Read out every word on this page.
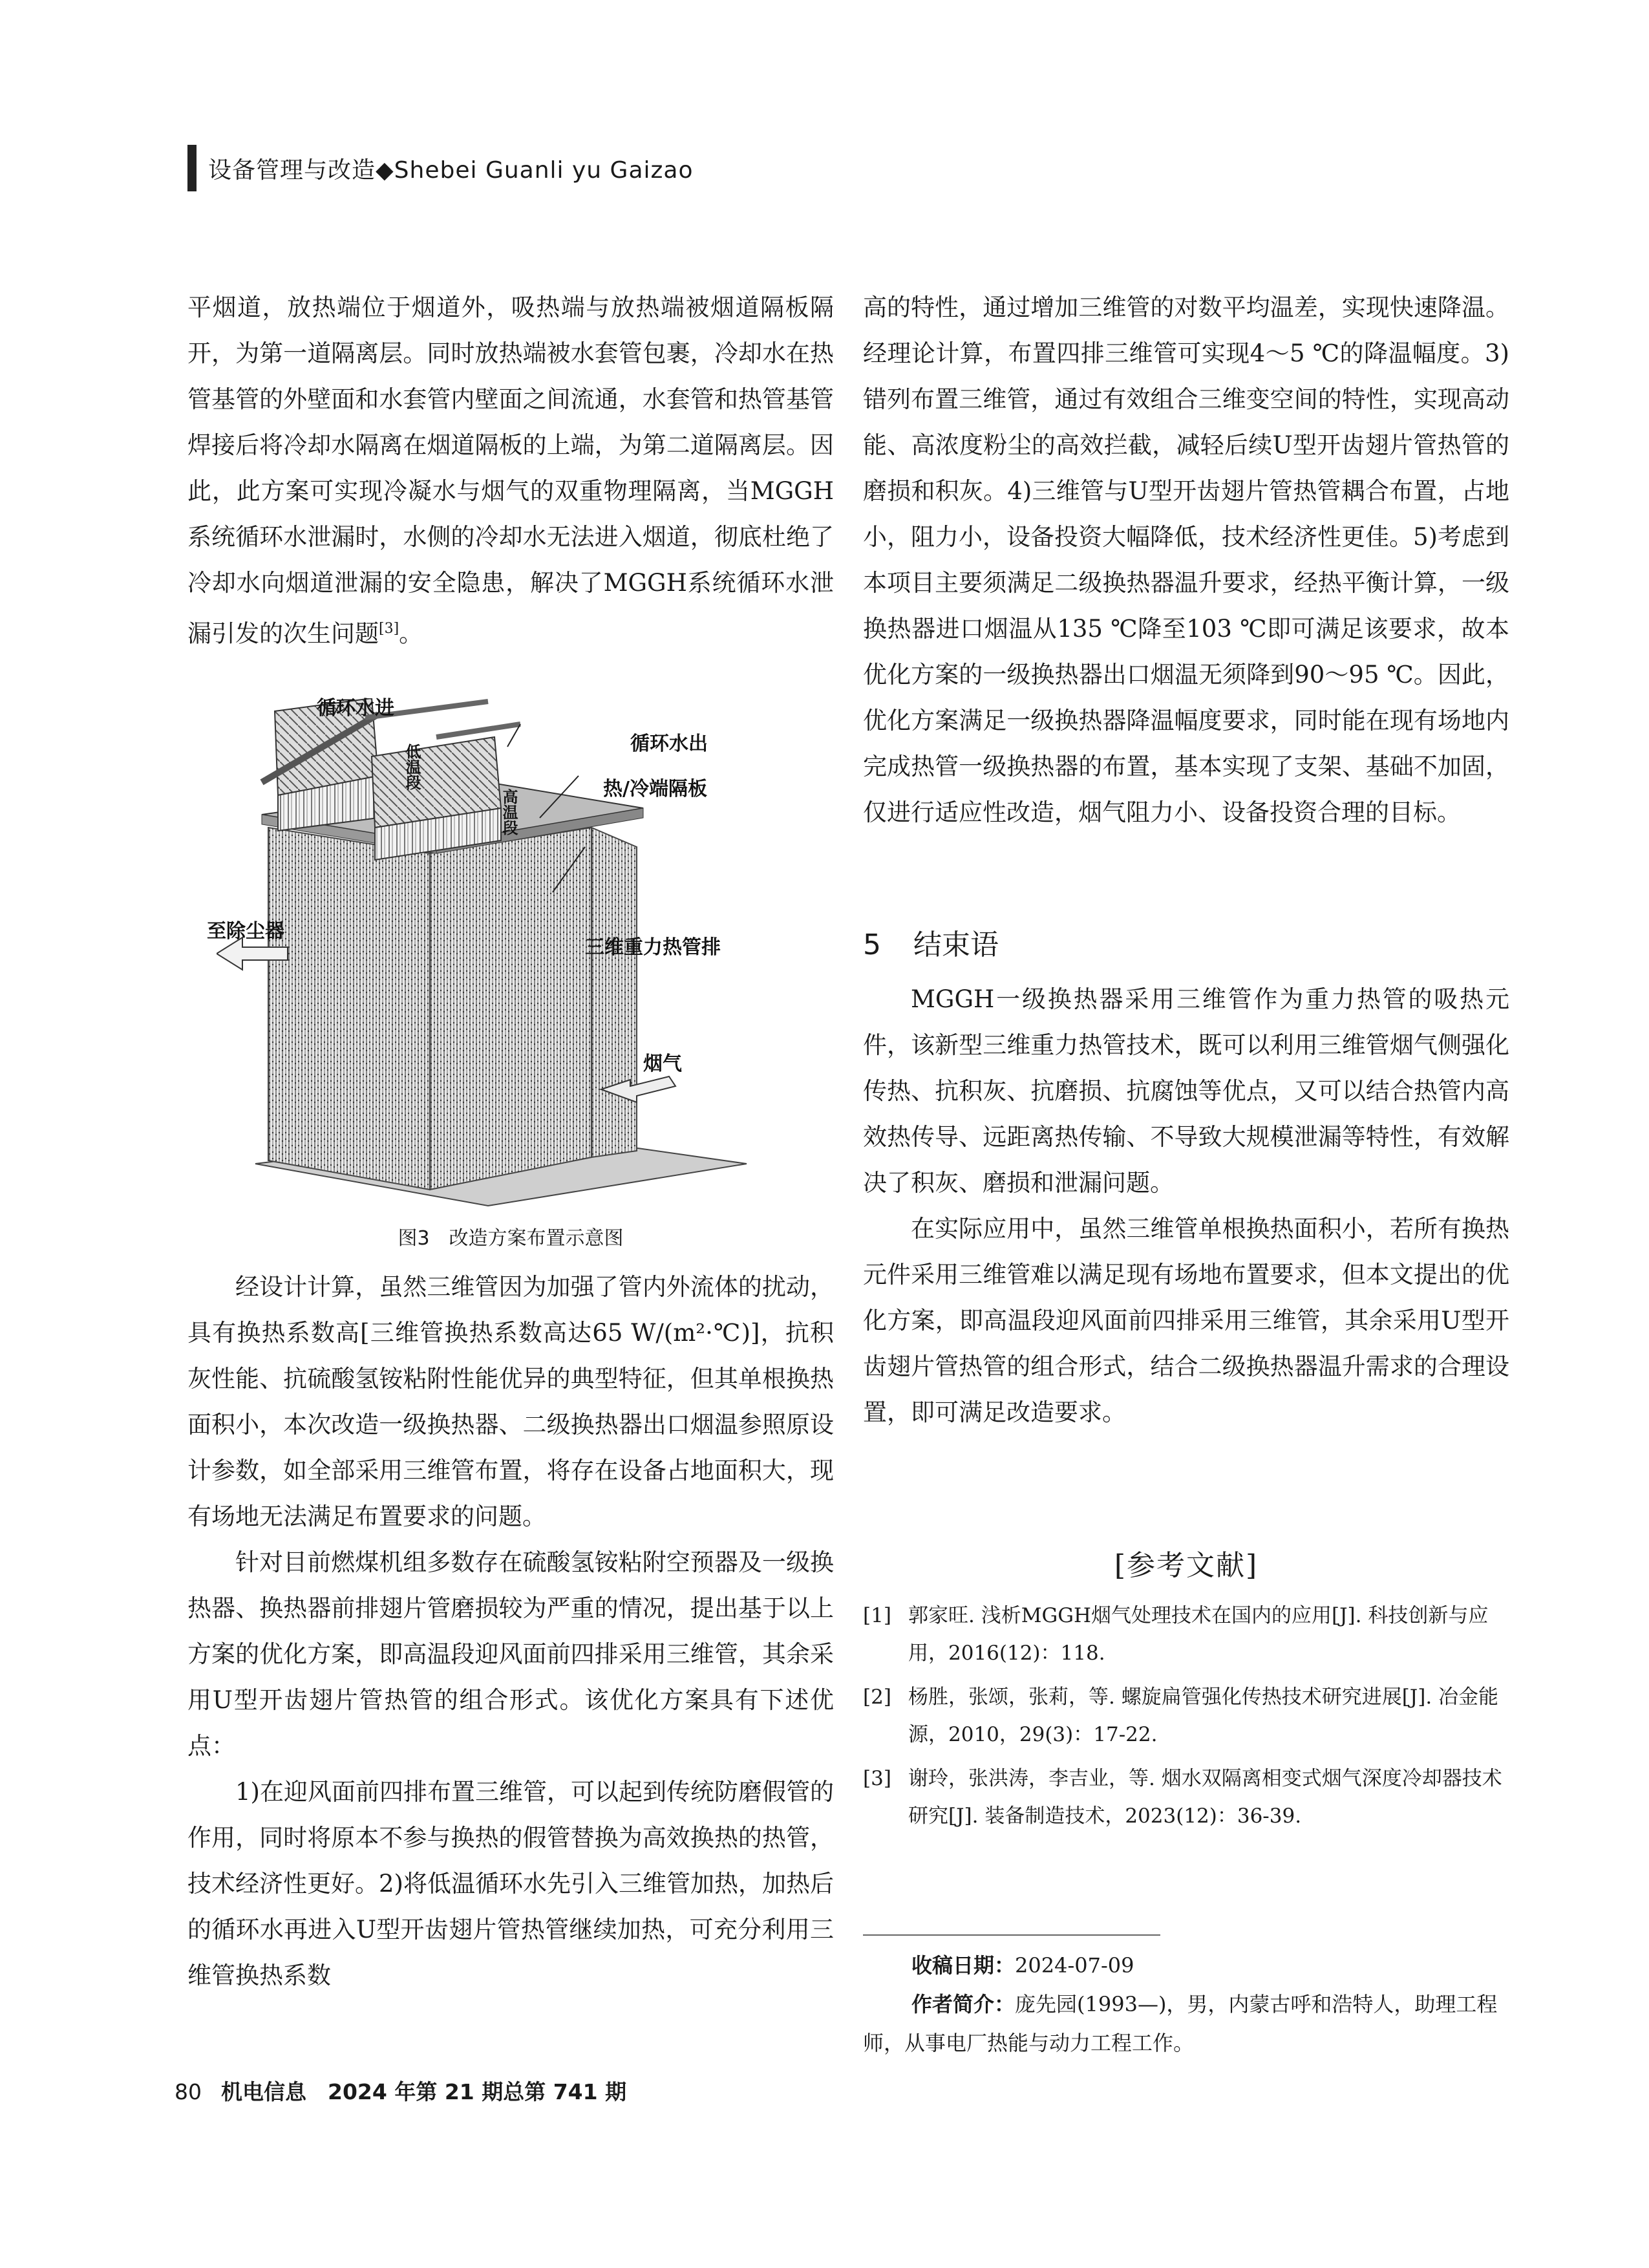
设备管理与改造◆Shebei Guanli yu Gaizao

平烟道，放热端位于烟道外，吸热端与放热端被烟道隔板隔开，为第一道隔离层。同时放热端被水套管包裹，冷却水在热管基管的外壁面和水套管内壁面之间流通，水套管和热管基管焊接后将冷却水隔离在烟道隔板的上端，为第二道隔离层。因此，此方案可实现冷凝水与烟气的双重物理隔离，当MGGH系统循环水泄漏时，水侧的冷却水无法进入烟道，彻底杜绝了冷却水向烟道泄漏的安全隐患，解决了MGGH系统循环水泄漏引发的次生问题[3]。

循环水进
循环水出
低温段
高温段	热/冷端隔板
至除尘器
三维重力热管排
烟气
图3　改造方案布置示意图

经设计计算，虽然三维管因为加强了管内外流体的扰动，具有换热系数高[三维管换热系数高达65 W/(m²·℃)]，抗积灰性能、抗硫酸氢铵粘附性能优异的典型特征，但其单根换热面积小，本次改造一级换热器、二级换热器出口烟温参照原设计参数，如全部采用三维管布置，将存在设备占地面积大，现有场地无法满足布置要求的问题。

针对目前燃煤机组多数存在硫酸氢铵粘附空预器及一级换热器、换热器前排翅片管磨损较为严重的情况，提出基于以上方案的优化方案，即高温段迎风面前四排采用三维管，其余采用U型开齿翅片管热管的组合形式。该优化方案具有下述优点：

1)在迎风面前四排布置三维管，可以起到传统防磨假管的作用，同时将原本不参与换热的假管替换为高效换热的热管，技术经济性更好。2)将低温循环水先引入三维管加热，加热后的循环水再进入U型开齿翅片管热管继续加热，可充分利用三维管换热系数

高的特性，通过增加三维管的对数平均温差，实现快速降温。经理论计算，布置四排三维管可实现4～5 ℃的降温幅度。3)错列布置三维管，通过有效组合三维变空间的特性，实现高动能、高浓度粉尘的高效拦截，减轻后续U型开齿翅片管热管的磨损和积灰。4)三维管与U型开齿翅片管热管耦合布置，占地小，阻力小，设备投资大幅降低，技术经济性更佳。5)考虑到本项目主要须满足二级换热器温升要求，经热平衡计算，一级换热器进口烟温从135 ℃降至103 ℃即可满足该要求，故本优化方案的一级换热器出口烟温无须降到90～95 ℃。因此，优化方案满足一级换热器降温幅度要求，同时能在现有场地内完成热管一级换热器的布置，基本实现了支架、基础不加固，仅进行适应性改造，烟气阻力小、设备投资合理的目标。

5 结束语

MGGH一级换热器采用三维管作为重力热管的吸热元件，该新型三维重力热管技术，既可以利用三维管烟气侧强化传热、抗积灰、抗磨损、抗腐蚀等优点，又可以结合热管内高效热传导、远距离热传输、不导致大规模泄漏等特性，有效解决了积灰、磨损和泄漏问题。

在实际应用中，虽然三维管单根换热面积小，若所有换热元件采用三维管难以满足现有场地布置要求，但本文提出的优化方案，即高温段迎风面前四排采用三维管，其余采用U型开齿翅片管热管的组合形式，结合二级换热器温升需求的合理设置，即可满足改造要求。

[参考文献]
[1] 郭家旺. 浅析MGGH烟气处理技术在国内的应用[J]. 科技创新与应用，2016(12)：118.
[2] 杨胜，张颂，张莉，等. 螺旋扁管强化传热技术研究进展[J]. 冶金能源，2010，29(3)：17-22.
[3] 谢玲，张洪涛，李吉业，等. 烟水双隔离相变式烟气深度冷却器技术研究[J]. 装备制造技术，2023(12)：36-39.
收稿日期：2024-07-09
作者简介：庞先园(1993—)，男，内蒙古呼和浩特人，助理工程师，从事电厂热能与动力工程工作。
80 机电信息　2024 年第 21 期总第 741 期
